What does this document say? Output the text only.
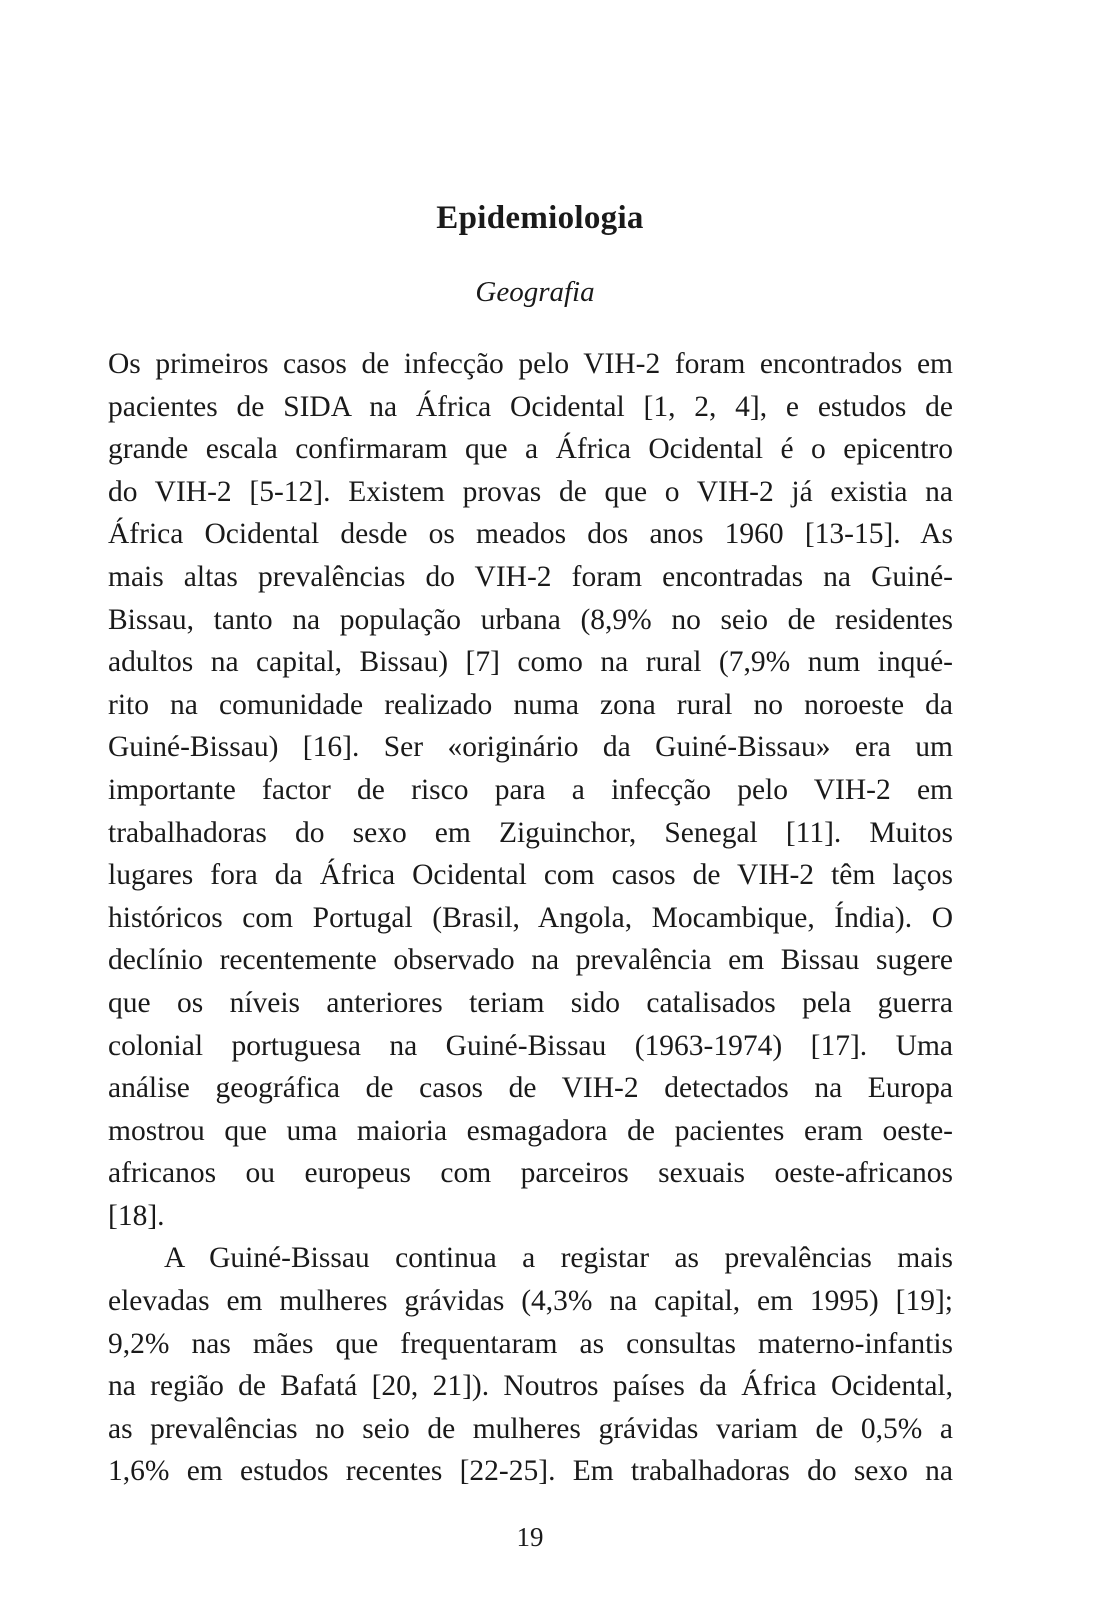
Epidemiologia
Geografia
Os primeiros casos de infecção pelo VIH-2 foram encontrados em
pacientes de SIDA na África Ocidental [1, 2, 4], e estudos de
grande escala confirmaram que a África Ocidental é o epicentro
do VIH-2 [5-12]. Existem provas de que o VIH-2 já existia na
África Ocidental desde os meados dos anos 1960 [13-15]. As
mais altas prevalências do VIH-2 foram encontradas na Guiné-
Bissau, tanto na população urbana (8,9% no seio de residentes
adultos na capital, Bissau) [7] como na rural (7,9% num inqué-
rito na comunidade realizado numa zona rural no noroeste da
Guiné-Bissau) [16]. Ser «originário da Guiné-Bissau» era um
importante factor de risco para a infecção pelo VIH-2 em
trabalhadoras do sexo em Ziguinchor, Senegal [11]. Muitos
lugares fora da África Ocidental com casos de VIH-2 têm laços
históricos com Portugal (Brasil, Angola, Mocambique, Índia). O
declínio recentemente observado na prevalência em Bissau sugere
que os níveis anteriores teriam sido catalisados pela guerra
colonial portuguesa na Guiné-Bissau (1963-1974) [17]. Uma
análise geográfica de casos de VIH-2 detectados na Europa
mostrou que uma maioria esmagadora de pacientes eram oeste-
africanos ou europeus com parceiros sexuais oeste-africanos
[18].
A Guiné-Bissau continua a registar as prevalências mais
elevadas em mulheres grávidas (4,3% na capital, em 1995) [19];
9,2% nas mães que frequentaram as consultas materno-infantis
na região de Bafatá [20, 21]). Noutros países da África Ocidental,
as prevalências no seio de mulheres grávidas variam de 0,5% a
1,6% em estudos recentes [22-25]. Em trabalhadoras do sexo na
19
